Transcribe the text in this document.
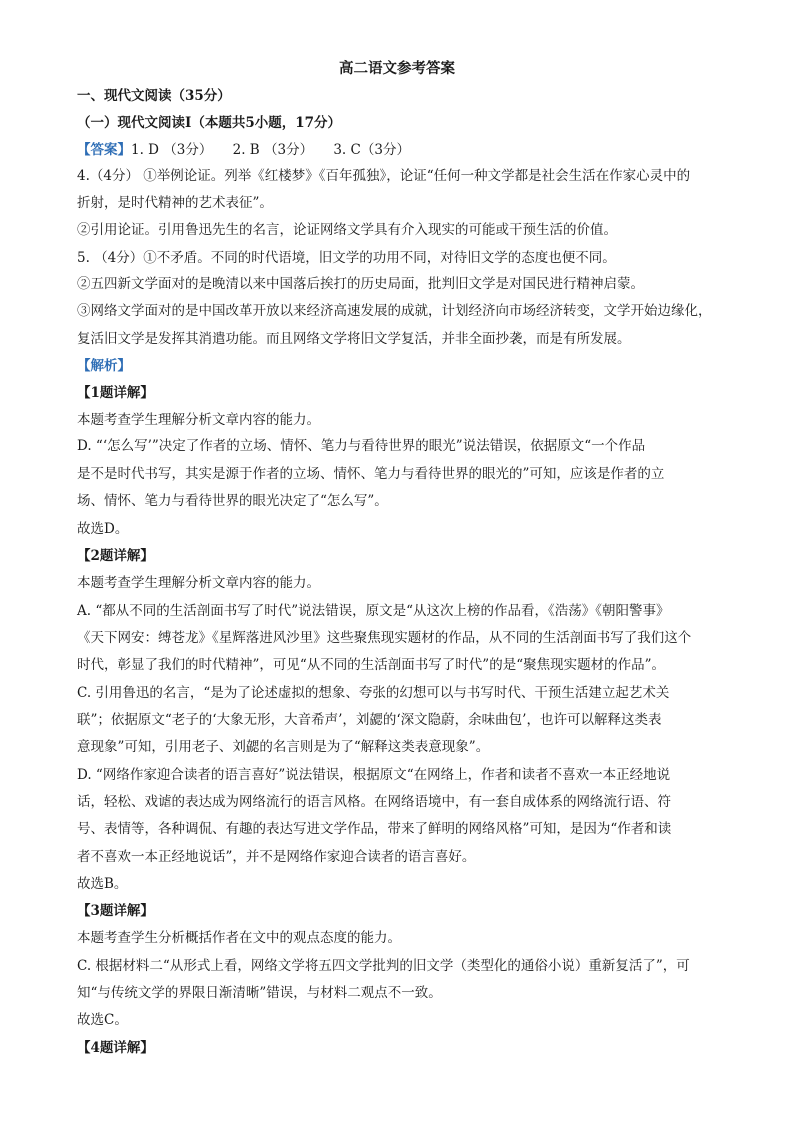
高二语文参考答案
一、现代文阅读（35分）
（一）现代文阅读Ⅰ（本题共5小题，17分）
【答案】1. D （3分）　　2. B （3分）　　3. C（3分）
4.（4分） ①举例论证。列举《红楼梦》《百年孤独》，论证“任何一种文学都是社会生活在作家心灵中的
折射，是时代精神的艺术表征”。
②引用论证。引用鲁迅先生的名言，论证网络文学具有介入现实的可能或干预生活的价值。
5. （4分）①不矛盾。不同的时代语境，旧文学的功用不同，对待旧文学的态度也便不同。
②五四新文学面对的是晚清以来中国落后挨打的历史局面，批判旧文学是对国民进行精神启蒙。
③网络文学面对的是中国改革开放以来经济高速发展的成就，计划经济向市场经济转变，文学开始边缘化，
复活旧文学是发挥其消遣功能。而且网络文学将旧文学复活，并非全面抄袭，而是有所发展。
【解析】
【1题详解】
本题考查学生理解分析文章内容的能力。
D. “‘怎么写’”决定了作者的立场、情怀、笔力与看待世界的眼光”说法错误，依据原文“一个作品
是不是时代书写，其实是源于作者的立场、情怀、笔力与看待世界的眼光的”可知，应该是作者的立
场、情怀、笔力与看待世界的眼光决定了“怎么写”。
故选D。
【2题详解】
本题考查学生理解分析文章内容的能力。
A. “都从不同的生活剖面书写了时代”说法错误，原文是“从这次上榜的作品看，《浩荡》《朝阳警事》
《天下网安：缚苍龙》《星辉落进风沙里》这些聚焦现实题材的作品，从不同的生活剖面书写了我们这个
时代，彰显了我们的时代精神”，可见“从不同的生活剖面书写了时代”的是“聚焦现实题材的作品”。
C. 引用鲁迅的名言，“是为了论述虚拟的想象、夸张的幻想可以与书写时代、干预生活建立起艺术关
联”；依据原文“老子的‘大象无形，大音希声’，刘勰的‘深文隐蔚，余味曲包’，也许可以解释这类表
意现象”可知，引用老子、刘勰的名言则是为了“解释这类表意现象”。
D. “网络作家迎合读者的语言喜好”说法错误，根据原文“在网络上，作者和读者不喜欢一本正经地说
话，轻松、戏谑的表达成为网络流行的语言风格。在网络语境中，有一套自成体系的网络流行语、符
号、表情等，各种调侃、有趣的表达写进文学作品，带来了鲜明的网络风格”可知，是因为“作者和读
者不喜欢一本正经地说话”，并不是网络作家迎合读者的语言喜好。
故选B。
【3题详解】
本题考查学生分析概括作者在文中的观点态度的能力。
C. 根据材料二“从形式上看，网络文学将五四文学批判的旧文学（类型化的通俗小说）重新复活了”，可
知“与传统文学的界限日渐清晰”错误，与材料二观点不一致。
故选C。
【4题详解】
